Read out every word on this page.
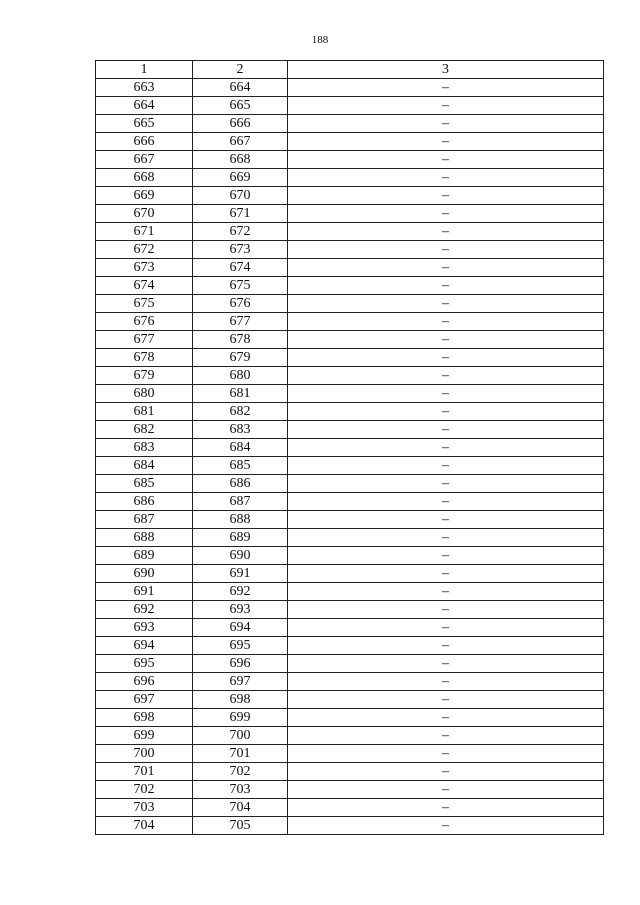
188
1	2	3
663	664	–
664	665	–
665	666	–
666	667	–
667	668	–
668	669	–
669	670	–
670	671	–
671	672	–
672	673	–
673	674	–
674	675	–
675	676	–
676	677	–
677	678	–
678	679	–
679	680	–
680	681	–
681	682	–
682	683	–
683	684	–
684	685	–
685	686	–
686	687	–
687	688	–
688	689	–
689	690	–
690	691	–
691	692	–
692	693	–
693	694	–
694	695	–
695	696	–
696	697	–
697	698	–
698	699	–
699	700	–
700	701	–
701	702	–
702	703	–
703	704	–
704	705	–
